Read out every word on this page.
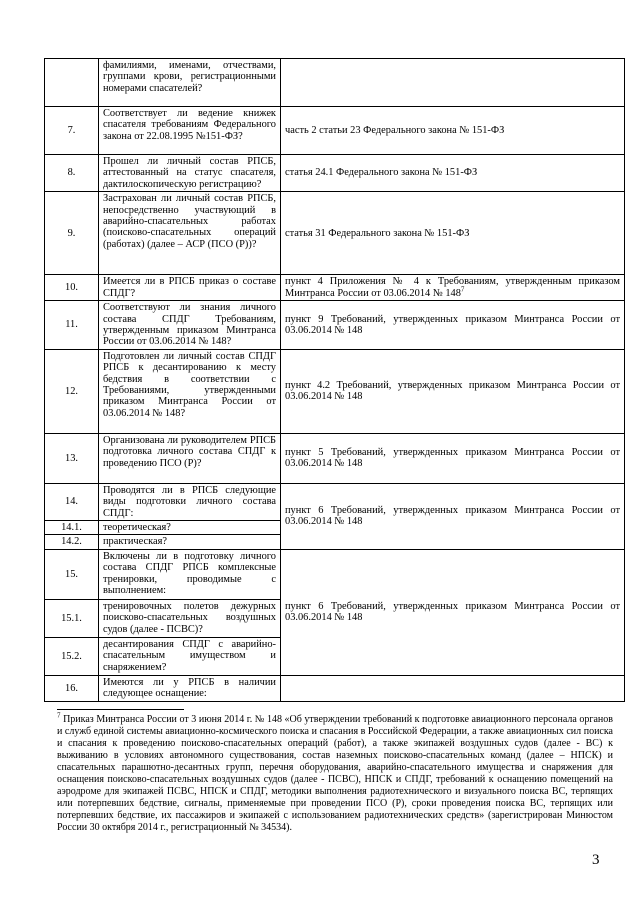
	фамилиями, именами, отчествами, группами крови, регистрационными номерами спасателей?	
7.	Соответствует ли ведение книжек спасателя требованиям Федерального закона от 22.08.1995 №151-ФЗ?	часть 2 статьи 23 Федерального закона № 151-ФЗ
8.	Прошел ли личный состав РПСБ, аттестованный на статус спасателя, дактилоскопическую регистрацию?	статья 24.1 Федерального закона № 151-ФЗ
9.	Застрахован ли личный состав РПСБ, непосредственно участвующий в аварийно-спасательных работах (поисково-спасательных операций (работах) (далее – АСР (ПСО (Р))?	статья 31 Федерального закона № 151-ФЗ
10.	Имеется ли в РПСБ приказ о составе СПДГ?	пункт 4 Приложения № 4 к Требованиям, утвержденным приказом Минтранса России от 03.06.2014 № $148^7$
11.	Соответствуют ли знания личного состава СПДГ Требованиям, утвержденным приказом Минтранса России от 03.06.2014 № 148?	пункт 9 Требований, утвержденных приказом Минтранса России от 03.06.2014 № 148
12.	Подготовлен ли личный состав СПДГ РПСБ к десантированию к месту бедствия в соответствии с Требованиями, утвержденными приказом Минтранса России от 03.06.2014 № 148?	пункт 4.2 Требований, утвержденных приказом Минтранса России от 03.06.2014 № 148
13.	Организована ли руководителем РПСБ подготовка личного состава СПДГ к проведению ПСО (Р)?	пункт 5 Требований, утвержденных приказом Минтранса России от 03.06.2014 № 148
14.	Проводятся ли в РПСБ следующие виды подготовки личного состава СПДГ:	пункт 6 Требований, утвержденных приказом Минтранса России от 03.06.2014 № 148
14.1.	теоретическая?	
14.2.	практическая?	
15.	Включены ли в подготовку личного состава СПДГ РПСБ комплексные тренировки, проводимые с выполнением:	пункт 6 Требований, утвержденных приказом Минтранса России от 03.06.2014 № 148
15.1.	тренировочных полетов дежурных поисково-спасательных воздушных судов (далее - ПСВС)?	
15.2.	десантирования СПДГ с аварийно-спасательным имуществом и снаряжением?	
16.	Имеются ли у РПСБ в наличии следующее оснащение:	
$^7$ Приказ Минтранса России от 3 июня 2014 г. № 148 «Об утверждении требований к подготовке авиационного персонала органов и служб единой системы авиационно-космического поиска и спасания в Российской Федерации, а также авиационных сил поиска и спасания к проведению поисково-спасательных операций (работ), а также экипажей воздушных судов (далее - ВС) к выживанию в условиях автономного существования, состав наземных поисково-спасательных команд (далее – НПСК) и спасательных парашютно-десантных групп, перечня оборудования, аварийно-спасательного имущества и снаряжения для оснащения поисково-спасательных воздушных судов (далее - ПСВС), НПСК и СПДГ, требований к оснащению помещений на аэродроме для экипажей ПСВС, НПСК и СПДГ, методики выполнения радиотехнического и визуального поиска ВС, терпящих или потерпевших бедствие, сигналы, применяемые при проведении ПСО (Р), сроки проведения поиска ВС, терпящих или потерпевших бедствие, их пассажиров и экипажей с использованием радиотехнических средств» (зарегистрирован Минюстом России 30 октября 2014 г., регистрационный № 34534).
3
